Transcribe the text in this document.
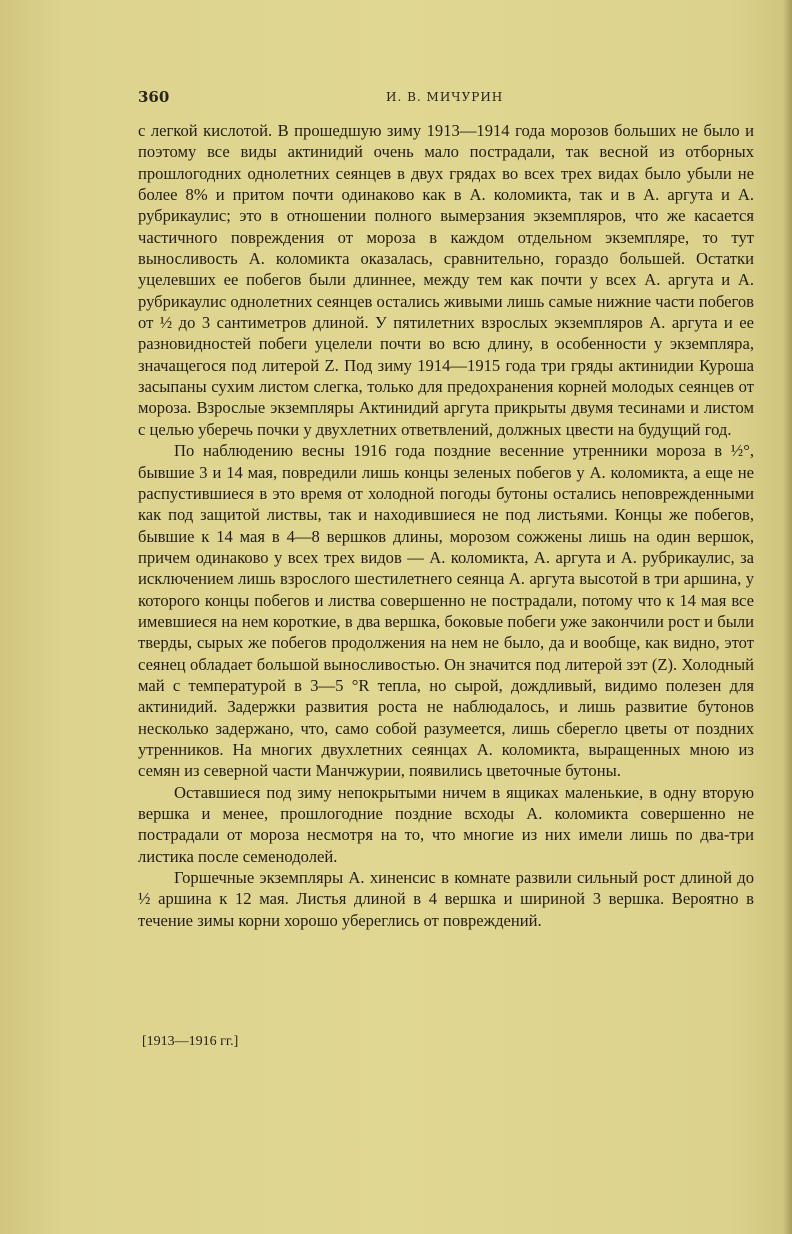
360	И. В. МИЧУРИН

с легкой кислотой. В прошедшую зиму 1913—1914 года морозов больших не было и поэтому все виды актинидий очень мало пострадали, так весной из отборных прошлогодних однолетних сеянцев в двух грядах во всех трех видах было убыли не более 8% и притом почти одинаково как в А. коломикта, так и в А. аргута и А. рубрикаулис; это в отношении полного вымерзания экземпляров, что же касается частичного повреждения от мороза в каждом отдельном экземпляре, то тут выносливость А. коломикта оказалась, сравнительно, гораздо большей. Остатки уцелевших ее побегов были длиннее, между тем как почти у всех А. аргута и А. рубрикаулис однолетних сеянцев остались живыми лишь самые нижние части побегов от ½ до 3 сантиметров длиной. У пятилетних взрослых экземпляров А. аргута и ее разновидностей побеги уцелели почти во всю длину, в особенности у экземпляра, значащегося под литерой Z. Под зиму 1914—1915 года три гряды актинидии Куроша засыпаны сухим листом слегка, только для предохранения корней молодых сеянцев от мороза. Взрослые экземпляры Актинидий аргута прикрыты двумя тесинами и листом с целью уберечь почки у двухлетних ответвлений, должных цвести на будущий год.

По наблюдению весны 1916 года поздние весенние утренники мороза в ½°, бывшие 3 и 14 мая, повредили лишь концы зеленых побегов у А. коломикта, а еще не распустившиеся в это время от холодной погоды бутоны остались неповрежденными как под защитой листвы, так и находившиеся не под листьями. Концы же побегов, бывшие к 14 мая в 4—8 вершков длины, морозом сожжены лишь на один вершок, причем одинаково у всех трех видов — А. коломикта, А. аргута и А. рубрикаулис, за исключением лишь взрослого шестилетнего сеянца А. аргута высотой в три аршина, у которого концы побегов и листва совершенно не пострадали, потому что к 14 мая все имевшиеся на нем короткие, в два вершка, боковые побеги уже закончили рост и были тверды, сырых же побегов продолжения на нем не было, да и вообще, как видно, этот сеянец обладает большой выносливостью. Он значится под литерой зэт (Z). Холодный май с температурой в 3—5 °R тепла, но сырой, дождливый, видимо полезен для актинидий. Задержки развития роста не наблюдалось, и лишь развитие бутонов несколько задержано, что, само собой разумеется, лишь сберегло цветы от поздних утренников. На многих двухлетних сеянцах А. коломикта, выращенных мною из семян из северной части Манчжурии, появились цветочные бутоны.

Оставшиеся под зиму непокрытыми ничем в ящиках маленькие, в одну вторую вершка и менее, прошлогодние поздние всходы А. коломикта совершенно не пострадали от мороза несмотря на то, что многие из них имели лишь по два-три листика после семенодолей.

Горшечные экземпляры А. хиненсис в комнате развили сильный рост длиной до ½ аршина к 12 мая. Листья длиной в 4 вершка и шириной 3 вершка. Вероятно в течение зимы корни хорошо убереглись от повреждений.

[1913—1916 гг.]
